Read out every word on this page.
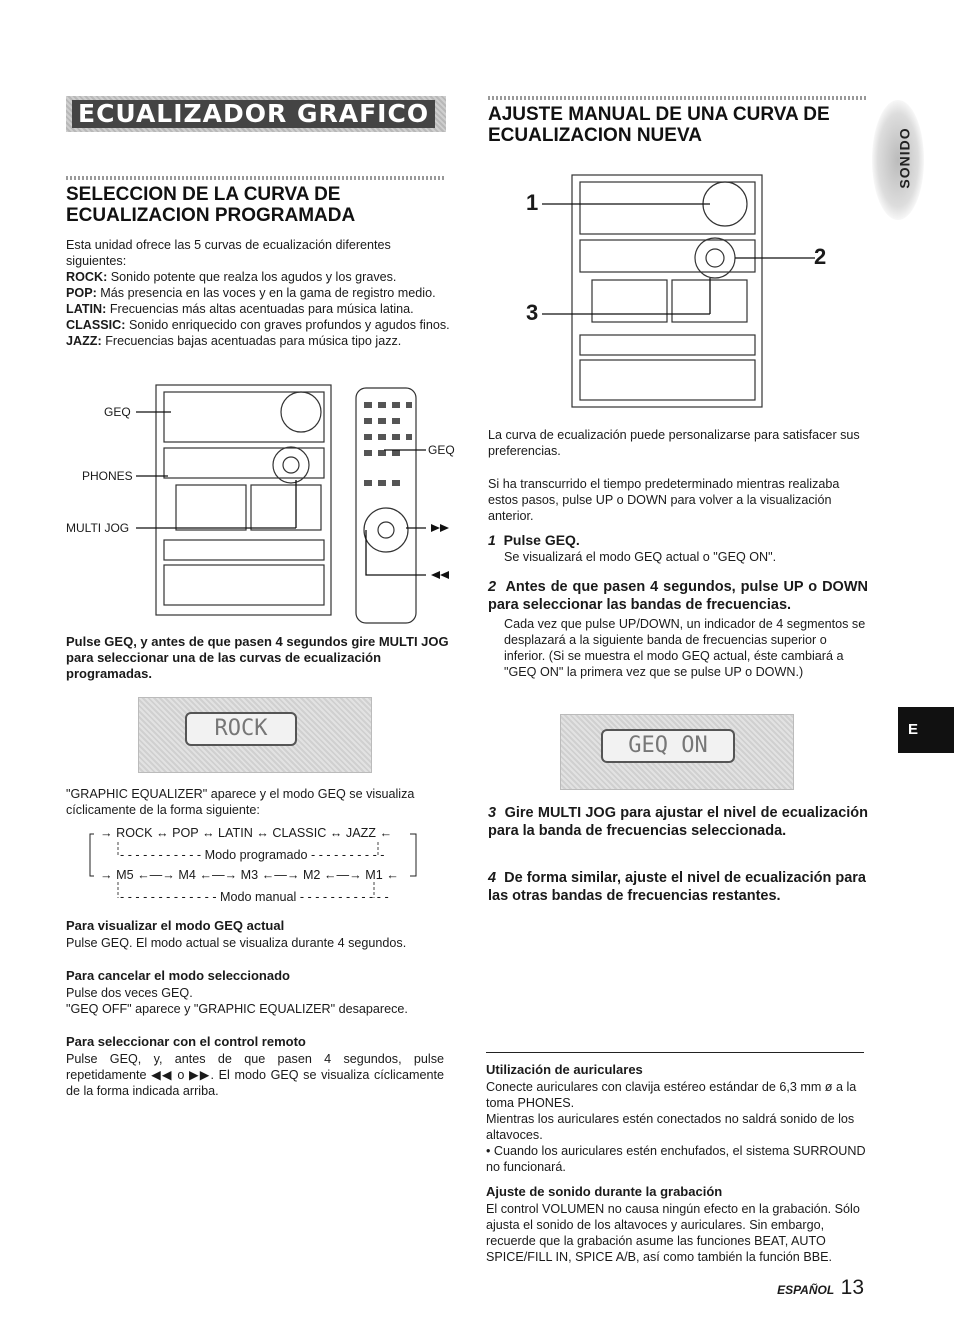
ECUALIZADOR GRAFICO
SELECCION DE LA CURVA DE ECUALIZACION PROGRAMADA

Esta unidad ofrece las 5 curvas de ecualización diferentes siguientes:

ROCK: Sonido potente que realza los agudos y los graves.

POP: Más presencia en las voces y en la gama de registro medio.

LATIN: Frecuencias más altas acentuadas para música latina.

CLASSIC: Sonido enriquecido con graves profundos y agudos finos.

JAZZ: Frecuencias bajas acentuadas para música tipo jazz.

GEQ
PHONES
MULTI JOG
GEQ

Pulse GEQ, y antes de que pasen 4 segundos gire MULTI JOG para seleccionar una de las curvas de ecualización programadas.

ROCK

"GRAPHIC EQUALIZER" aparece y el modo GEQ se visualiza cíclicamente de la forma siguiente:

→ ROCK ↔ POP ↔ LATIN ↔ CLASSIC ↔ JAZZ ←
- - - - - - - - - - - Modo programado - - - - - - - - - -
→ M5 ←—→ M4 ←—→ M3 ←—→ M2 ←—→ M1 ←
- - - - - - - - - - - - - Modo manual - - - - - - - - - - - -

Para visualizar el modo GEQ actual

Pulse GEQ. El modo actual se visualiza durante 4 segundos.

Para cancelar el modo seleccionado

Pulse dos veces GEQ.

"GEQ OFF" aparece y "GRAPHIC EQUALIZER" desaparece.

Para seleccionar con el control remoto

Pulse GEQ, y, antes de que pasen 4 segundos, pulse repetidamente ◀◀ o ▶▶. El modo GEQ se visualiza cíclicamente de la forma indicada arriba.

AJUSTE MANUAL DE UNA CURVA DE ECUALIZACION NUEVA
1
2
3

La curva de ecualización puede personalizarse para satisfacer sus preferencias.

Si ha transcurrido el tiempo predeterminado mientras realizaba estos pasos, pulse UP o DOWN para volver a la visualización anterior.

1 Pulse GEQ.

Se visualizará el modo GEQ actual o "GEQ ON".

2 Antes de que pasen 4 segundos, pulse UP o DOWN para seleccionar las bandas de frecuencias.

Cada vez que pulse UP/DOWN, un indicador de 4 segmentos se desplazará a la siguiente banda de frecuencias superior o inferior. (Si se muestra el modo GEQ actual, éste cambiará a "GEQ ON" la primera vez que se pulse UP o DOWN.)

GEQ ON

3 Gire MULTI JOG para ajustar el nivel de ecualización para la banda de frecuencias seleccionada.

4 De forma similar, ajuste el nivel de ecualización para las otras bandas de frecuencias restantes.

Utilización de auriculares

Conecte auriculares con clavija estéreo estándar de 6,3 mm ø a la toma PHONES.

Mientras los auriculares estén conectados no saldrá sonido de los altavoces.

• Cuando los auriculares estén enchufados, el sistema SURROUND no funcionará.

Ajuste de sonido durante la grabación

El control VOLUMEN no causa ningún efecto en la grabación. Sólo ajusta el sonido de los altavoces y auriculares. Sin embargo, recuerde que la grabación asume las funciones BEAT, AUTO SPICE/FILL IN, SPICE A/B, así como también la función BBE.

SONIDO
E
ESPAÑOL 13
